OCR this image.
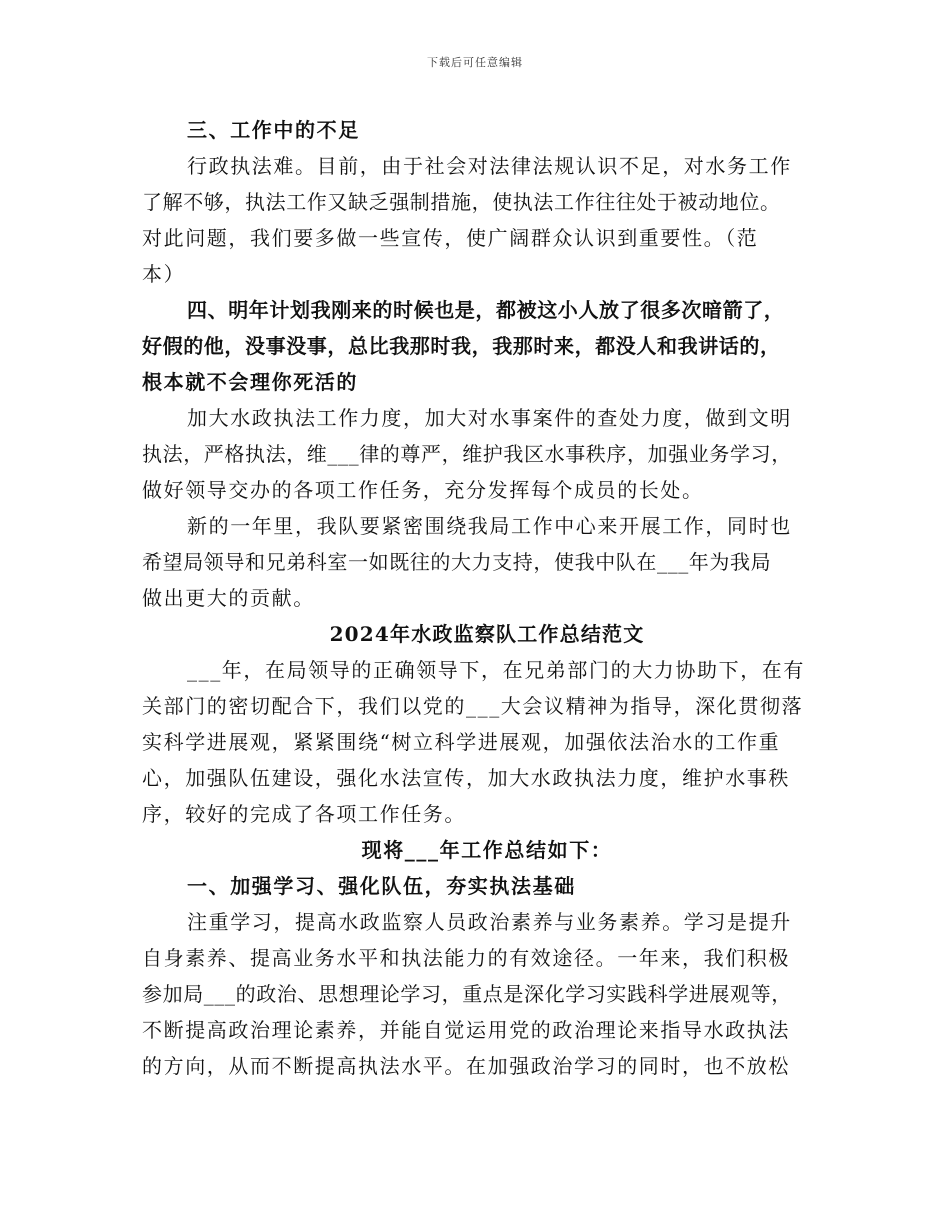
下载后可任意编辑
三、工作中的不足
行政执法难。目前，由于社会对法律法规认识不足，对水务工作
了解不够，执法工作又缺乏强制措施，使执法工作往往处于被动地位。
对此问题，我们要多做一些宣传，使广阔群众认识到重要性。（范
本）
四、明年计划我刚来的时候也是，都被这小人放了很多次暗箭了，
好假的他，没事没事，总比我那时我，我那时来，都没人和我讲话的，
根本就不会理你死活的
加大水政执法工作力度，加大对水事案件的查处力度，做到文明
执法，严格执法，维___律的尊严，维护我区水事秩序，加强业务学习，
做好领导交办的各项工作任务，充分发挥每个成员的长处。
新的一年里，我队要紧密围绕我局工作中心来开展工作，同时也
希望局领导和兄弟科室一如既往的大力支持，使我中队在___年为我局
做出更大的贡献。
2024年水政监察队工作总结范文
___年，在局领导的正确领导下，在兄弟部门的大力协助下，在有
关部门的密切配合下，我们以党的___大会议精神为指导，深化贯彻落
实科学进展观，紧紧围绕“树立科学进展观，加强依法治水的工作重
心，加强队伍建设，强化水法宣传，加大水政执法力度，维护水事秩
序，较好的完成了各项工作任务。
现将___年工作总结如下：
一、加强学习、强化队伍，夯实执法基础
注重学习，提高水政监察人员政治素养与业务素养。学习是提升
自身素养、提高业务水平和执法能力的有效途径。一年来，我们积极
参加局___的政治、思想理论学习，重点是深化学习实践科学进展观等，
不断提高政治理论素养，并能自觉运用党的政治理论来指导水政执法
的方向，从而不断提高执法水平。在加强政治学习的同时，也不放松
